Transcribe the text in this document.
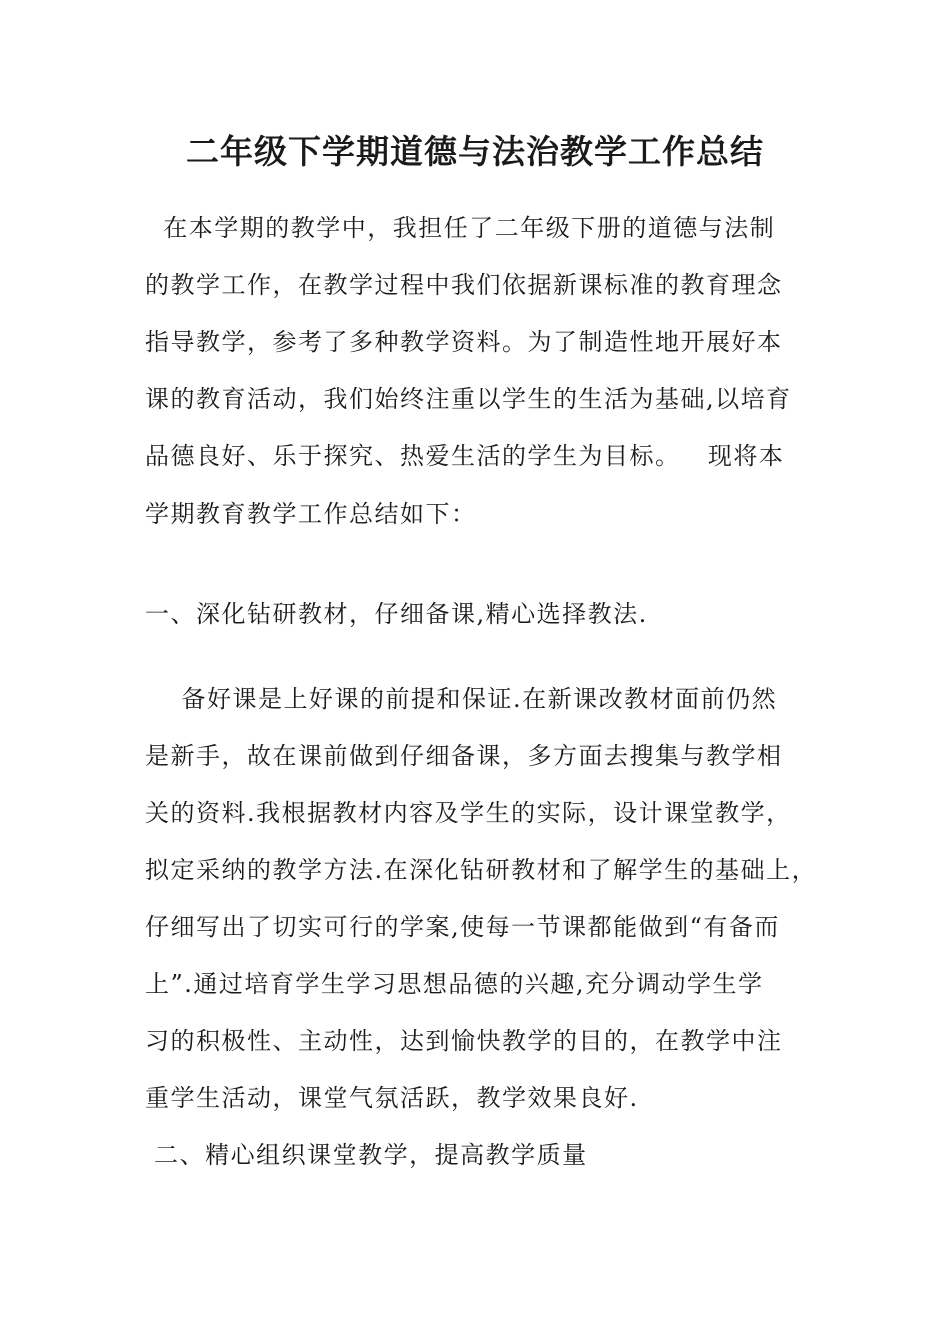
二年级下学期道德与法治教学工作总结
在本学期的教学中，我担任了二年级下册的道德与法制
的教学工作，在教学过程中我们依据新课标准的教育理念
指导教学，参考了多种教学资料。为了制造性地开展好本
课的教育活动，我们始终注重以学生的生活为基础,以培育
品德良好、乐于探究、热爱生活的学生为目标。   现将本
学期教育教学工作总结如下：
一、深化钻研教材，仔细备课,精心选择教法.
备好课是上好课的前提和保证.在新课改教材面前仍然
是新手，故在课前做到仔细备课，多方面去搜集与教学相
关的资料.我根据教材内容及学生的实际，设计课堂教学，
拟定采纳的教学方法.在深化钻研教材和了解学生的基础上，
仔细写出了切实可行的学案,使每一节课都能做到“有备而
上”.通过培育学生学习思想品德的兴趣,充分调动学生学
习的积极性、主动性，达到愉快教学的目的，在教学中注
重学生活动，课堂气氛活跃，教学效果良好.
二、精心组织课堂教学，提高教学质量
